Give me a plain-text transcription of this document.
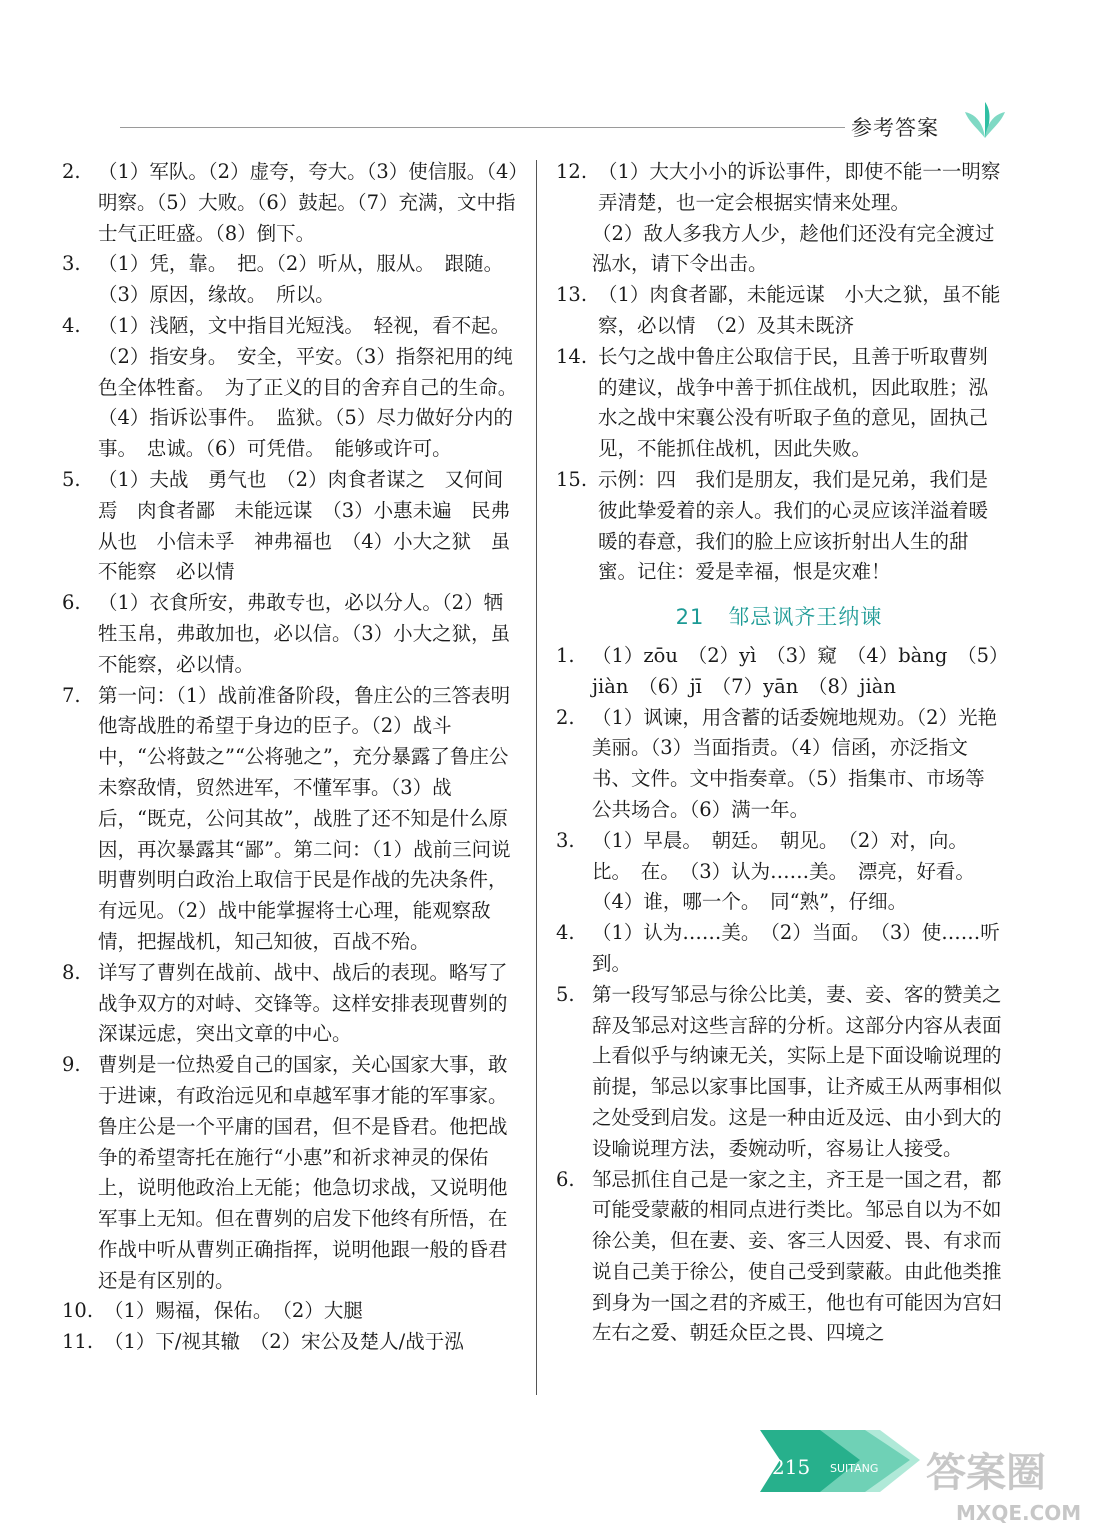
参考答案
2. （1）军队。（2）虚夸，夸大。（3）使信服。（4）明察。（5）大败。（6）鼓起。（7）充满，文中指士气正旺盛。（8）倒下。
3. （1）凭，靠。　把。（2）听从，服从。　跟随。（3）原因，缘故。　所以。
4. （1）浅陋，文中指目光短浅。　轻视，看不起。（2）指安身。　安全，平安。（3）指祭祀用的纯色全体牲畜。　为了正义的目的舍弃自己的生命。（4）指诉讼事件。　监狱。（5）尽力做好分内的事。　忠诚。（6）可凭借。　能够或许可。
5. （1）夫战　勇气也　（2）肉食者谋之　又何间焉　肉食者鄙　未能远谋　（3）小惠未遍　民弗从也　小信未孚　神弗福也　（4）小大之狱　虽不能察　必以情
6. （1）衣食所安，弗敢专也，必以分人。（2）牺牲玉帛，弗敢加也，必以信。（3）小大之狱，虽不能察，必以情。
7. 第一问：（1）战前准备阶段，鲁庄公的三答表明他寄战胜的希望于身边的臣子。（2）战斗中，“公将鼓之”“公将驰之”，充分暴露了鲁庄公未察敌情，贸然进军，不懂军事。（3）战后，“既克，公问其故”，战胜了还不知是什么原因，再次暴露其“鄙”。第二问：（1）战前三问说明曹刿明白政治上取信于民是作战的先决条件，有远见。（2）战中能掌握将士心理，能观察敌情，把握战机，知己知彼，百战不殆。
8. 详写了曹刿在战前、战中、战后的表现。略写了战争双方的对峙、交锋等。这样安排表现曹刿的深谋远虑，突出文章的中心。
9. 曹刿是一位热爱自己的国家，关心国家大事，敢于进谏，有政治远见和卓越军事才能的军事家。鲁庄公是一个平庸的国君，但不是昏君。他把战争的希望寄托在施行“小惠”和祈求神灵的保佑上，说明他政治上无能；他急切求战，又说明他军事上无知。但在曹刿的启发下他终有所悟，在作战中听从曹刿正确指挥，说明他跟一般的昏君还是有区别的。
10. （1）赐福，保佑。　（2）大腿
11. （1）下/视其辙　（2）宋公及楚人/战于泓
12. （1）大大小小的诉讼事件，即使不能一一明察弄清楚，也一定会根据实情来处理。
（2）敌人多我方人少，趁他们还没有完全渡过泓水，请下令出击。
13. （1）肉食者鄙，未能远谋　小大之狱，虽不能察，必以情　（2）及其未既济
14. 长勺之战中鲁庄公取信于民，且善于听取曹刿的建议，战争中善于抓住战机，因此取胜；泓水之战中宋襄公没有听取子鱼的意见，固执己见，不能抓住战机，因此失败。
15. 示例：四　我们是朋友，我们是兄弟，我们是彼此挚爱着的亲人。我们的心灵应该洋溢着暖暖的春意，我们的脸上应该折射出人生的甜蜜。记住：爱是幸福，恨是灾难！
21 邹忌讽齐王纳谏
1. （1）zōu　（2）yì　（3）窥　（4）bàng　（5）jiàn　（6）jī　（7）yān　（8）jiàn
2. （1）讽谏，用含蓄的话委婉地规劝。（2）光艳美丽。（3）当面指责。（4）信函，亦泛指文书、文件。文中指奏章。（5）指集市、市场等公共场合。（6）满一年。
3. （1）早晨。　朝廷。　朝见。　（2）对，向。　比。　在。　（3）认为……美。　漂亮，好看。　（4）谁，哪一个。　同“熟”，仔细。
4. （1）认为……美。　（2）当面。　（3）使……听到。
5. 第一段写邹忌与徐公比美，妻、妾、客的赞美之辞及邹忌对这些言辞的分析。这部分内容从表面上看似乎与纳谏无关，实际上是下面设喻说理的前提，邹忌以家事比国事，让齐威王从两事相似之处受到启发。这是一种由近及远、由小到大的设喻说理方法，委婉动听，容易让人接受。
6. 邹忌抓住自己是一家之主，齐王是一国之君，都可能受蒙蔽的相同点进行类比。邹忌自以为不如徐公美，但在妻、妾、客三人因爱、畏、有求而说自己美于徐公，使自己受到蒙蔽。由此他类推到身为一国之君的齐威王，他也有可能因为宫妇左右之爱、朝廷众臣之畏、四境之
SUITANG
215	答案圈
MXQE.COM
